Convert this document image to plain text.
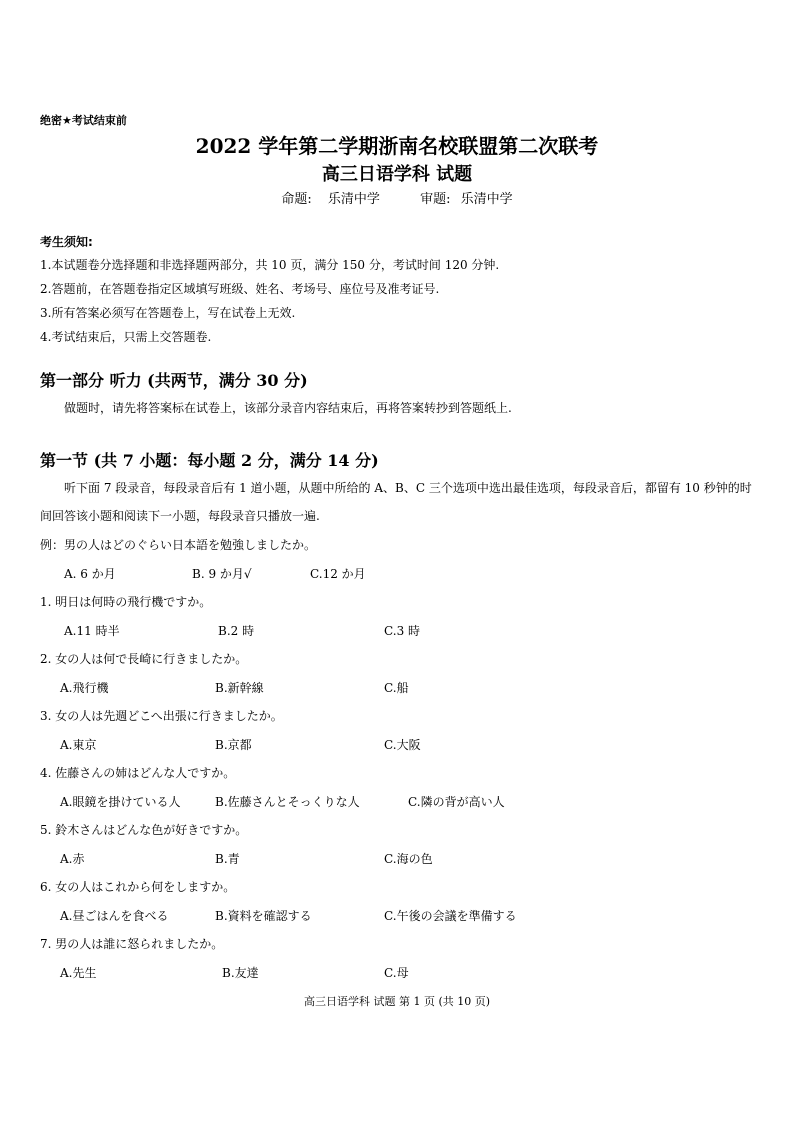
绝密★考试结束前
2022 学年第二学期浙南名校联盟第二次联考
高三日语学科 试题
命题: 乐清中学	审题: 乐清中学
考生须知:
1.本试题卷分选择题和非选择题两部分，共 10 页，满分 150 分，考试时间 120 分钟.
2.答题前，在答题卷指定区域填写班级、姓名、考场号、座位号及准考证号.
3.所有答案必须写在答题卷上，写在试卷上无效.
4.考试结束后，只需上交答题卷.
第一部分 听力 (共两节，满分 30 分)
做题时，请先将答案标在试卷上，该部分录音内容结束后，再将答案转抄到答题纸上.
第一节 (共 7 小题：每小题 2 分，满分 14 分)
听下面 7 段录音，每段录音后有 1 道小题，从题中所给的 A、B、C 三个选项中选出最佳选项，每段录音后，都留有 10 秒钟的时间回答该小题和阅读下一小题，每段录音只播放一遍.
例：男の人はどのぐらい日本語を勉強しましたか。
A. 6 か月	B. 9 か月√	C.12 か月
1. 明日は何時の飛行機ですか。
A.11 時半	B.2 時	C.3 時
2. 女の人は何で長崎に行きましたか。
A.飛行機	B.新幹線	C.船
3. 女の人は先週どこへ出張に行きましたか。
A.東京	B.京都	C.大阪
4. 佐藤さんの姉はどんな人ですか。
A.眼鏡を掛けている人	B.佐藤さんとそっくりな人	C.隣の背が高い人
5. 鈴木さんはどんな色が好きですか。
A.赤	B.青	C.海の色
6. 女の人はこれから何をしますか。
A.昼ごはんを食べる	B.資料を確認する	C.午後の会議を準備する
7. 男の人は誰に怒られましたか。
A.先生	B.友達	C.母
高三日语学科 试题 第 1 页 (共 10 页)
